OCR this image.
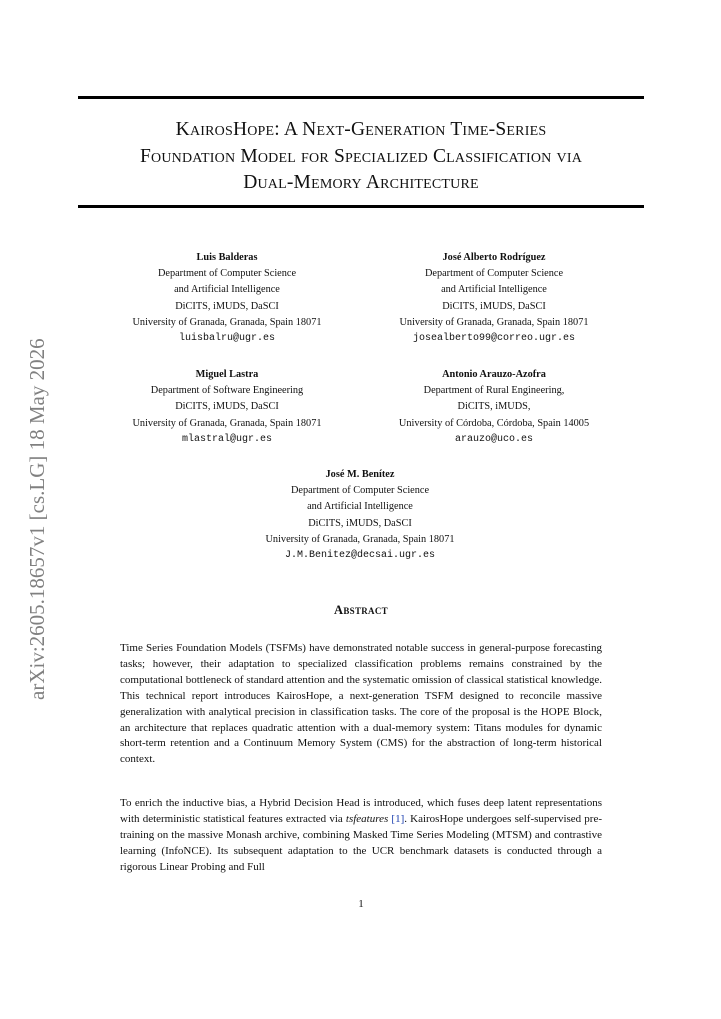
KairosHope: A Next-Generation Time-Series
Foundation Model for Specialized Classification via
Dual-Memory Architecture
arXiv:2605.18657v1 [cs.LG] 18 May 2026
Luis Balderas
Department of Computer Science
and Artificial Intelligence
DiCITS, iMUDS, DaSCI
University of Granada, Granada, Spain 18071
luisbalru@ugr.es
José Alberto Rodríguez
Department of Computer Science
and Artificial Intelligence
DiCITS, iMUDS, DaSCI
University of Granada, Granada, Spain 18071
josealberto99@correo.ugr.es
Miguel Lastra
Department of Software Engineering
DiCITS, iMUDS, DaSCI
University of Granada, Granada, Spain 18071
mlastral@ugr.es
Antonio Arauzo-Azofra
Department of Rural Engineering,
DiCITS, iMUDS,
University of Córdoba, Córdoba, Spain 14005
arauzo@uco.es
José M. Benítez
Department of Computer Science
and Artificial Intelligence
DiCITS, iMUDS, DaSCI
University of Granada, Granada, Spain 18071
J.M.Benitez@decsai.ugr.es
Abstract
Time Series Foundation Models (TSFMs) have demonstrated notable success in general-purpose forecasting tasks; however, their adaptation to specialized classification problems remains constrained by the computational bottleneck of standard attention and the systematic omission of classical statistical knowledge. This technical report introduces KairosHope, a next-generation TSFM designed to reconcile massive generalization with analytical precision in classification tasks. The core of the proposal is the HOPE Block, an architecture that replaces quadratic attention with a dual-memory system: Titans modules for dynamic short-term retention and a Continuum Memory System (CMS) for the abstraction of long-term historical context.
To enrich the inductive bias, a Hybrid Decision Head is introduced, which fuses deep latent representations with deterministic statistical features extracted via tsfeatures [1]. KairosHope undergoes self-supervised pre-training on the massive Monash archive, combining Masked Time Series Modeling (MTSM) and contrastive learning (InfoNCE). Its subsequent adaptation to the UCR benchmark datasets is conducted through a rigorous Linear Probing and Full
1
